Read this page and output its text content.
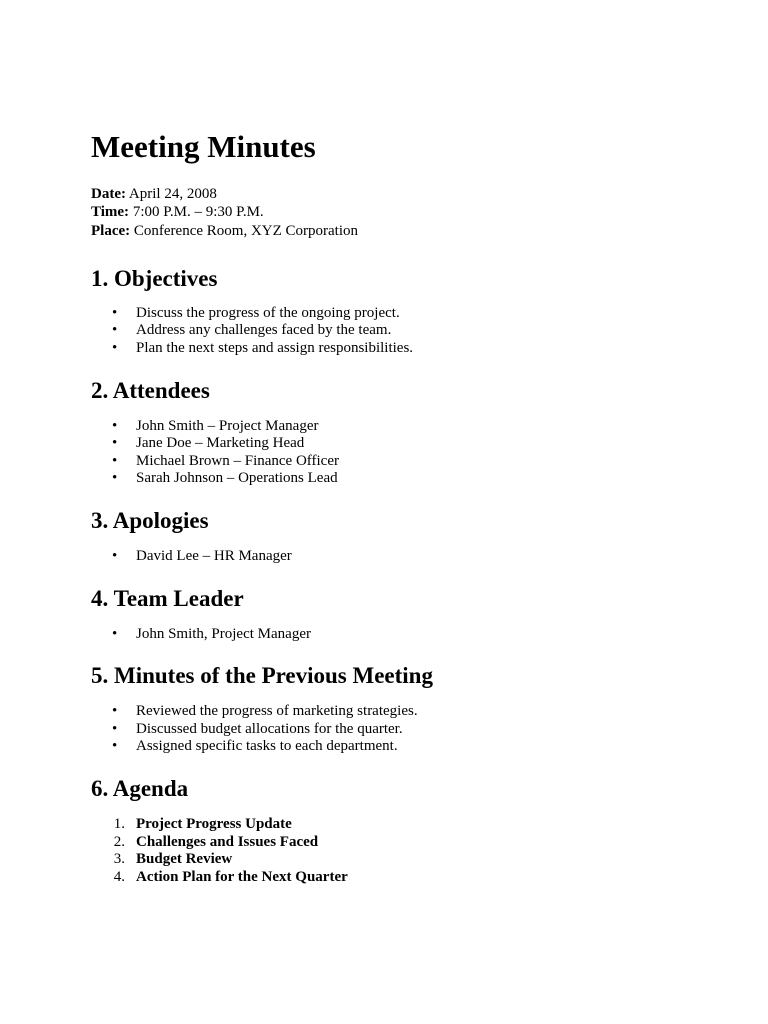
Meeting Minutes
Date: April 24, 2008
Time: 7:00 P.M. – 9:30 P.M.
Place: Conference Room, XYZ Corporation
1. Objectives
• Discuss the progress of the ongoing project.
• Address any challenges faced by the team.
• Plan the next steps and assign responsibilities.
2. Attendees
• John Smith – Project Manager
• Jane Doe – Marketing Head
• Michael Brown – Finance Officer
• Sarah Johnson – Operations Lead
3. Apologies
• David Lee – HR Manager
4. Team Leader
• John Smith, Project Manager
5. Minutes of the Previous Meeting
• Reviewed the progress of marketing strategies.
• Discussed budget allocations for the quarter.
• Assigned specific tasks to each department.
6. Agenda
1. Project Progress Update
2. Challenges and Issues Faced
3. Budget Review
4. Action Plan for the Next Quarter
